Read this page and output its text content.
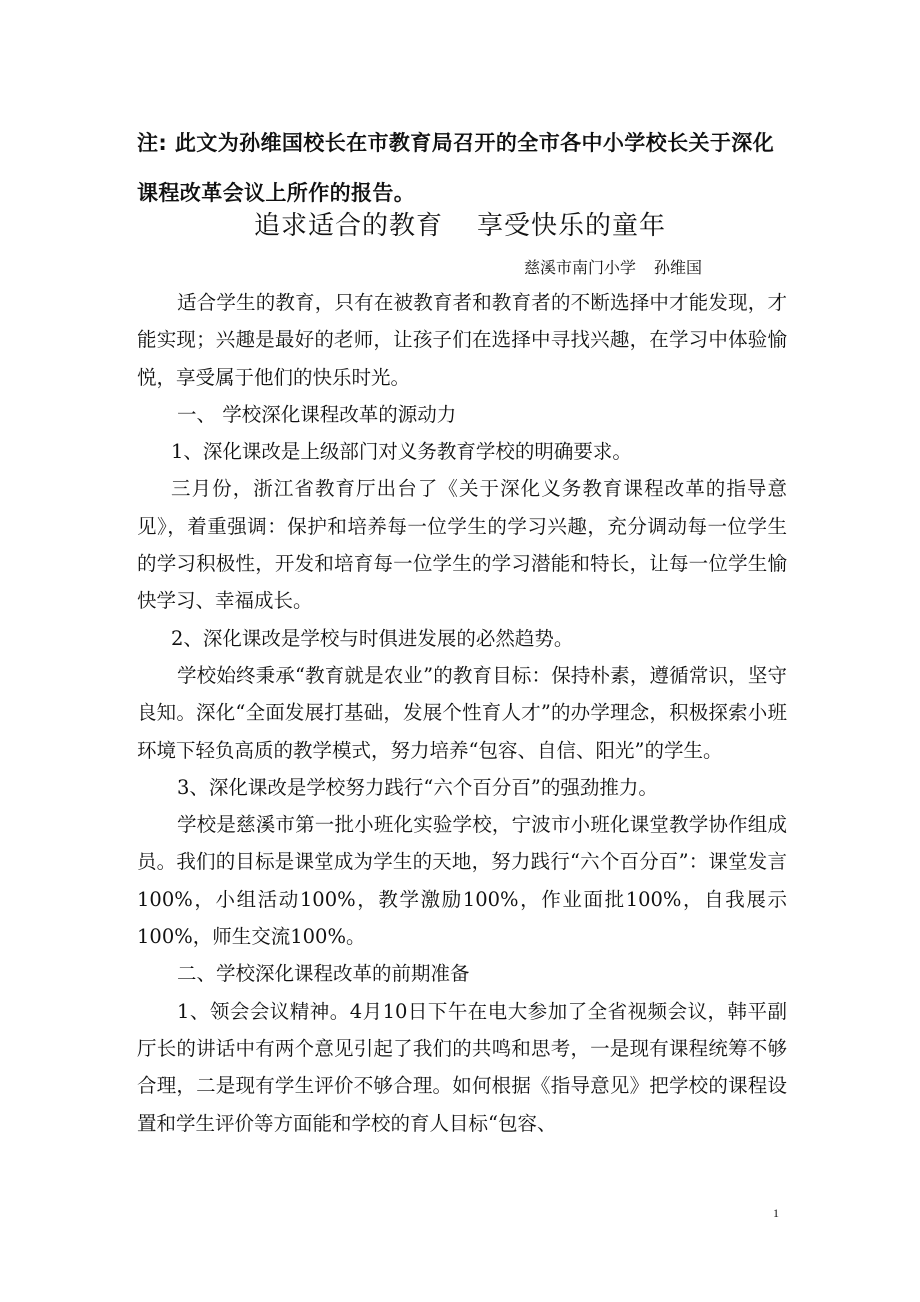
注: 此文为孙维国校长在市教育局召开的全市各中小学校长关于深化课程改革会议上所作的报告。
追求适合的教育 享受快乐的童年
慈溪市南门小学 孙维国

适合学生的教育，只有在被教育者和教育者的不断选择中才能发现，才能实现；兴趣是最好的老师，让孩子们在选择中寻找兴趣，在学习中体验愉悦，享受属于他们的快乐时光。

一、 学校深化课程改革的源动力

1、深化课改是上级部门对义务教育学校的明确要求。

三月份，浙江省教育厅出台了《关于深化义务教育课程改革的指导意见》，着重强调：保护和培养每一位学生的学习兴趣，充分调动每一位学生的学习积极性，开发和培育每一位学生的学习潜能和特长，让每一位学生愉快学习、幸福成长。

2、深化课改是学校与时俱进发展的必然趋势。

学校始终秉承“教育就是农业”的教育目标：保持朴素，遵循常识，坚守良知。深化“全面发展打基础，发展个性育人才”的办学理念，积极探索小班环境下轻负高质的教学模式，努力培养“包容、自信、阳光”的学生。

3、深化课改是学校努力践行“六个百分百”的强劲推力。

学校是慈溪市第一批小班化实验学校，宁波市小班化课堂教学协作组成员。我们的目标是课堂成为学生的天地，努力践行“六个百分百”：课堂发言100%，小组活动100%，教学激励100%，作业面批100%，自我展示100%，师生交流100%。

二、学校深化课程改革的前期准备

1、领会会议精神。4月10日下午在电大参加了全省视频会议，韩平副厅长的讲话中有两个意见引起了我们的共鸣和思考，一是现有课程统筹不够合理，二是现有学生评价不够合理。如何根据《指导意见》把学校的课程设置和学生评价等方面能和学校的育人目标“包容、

1
